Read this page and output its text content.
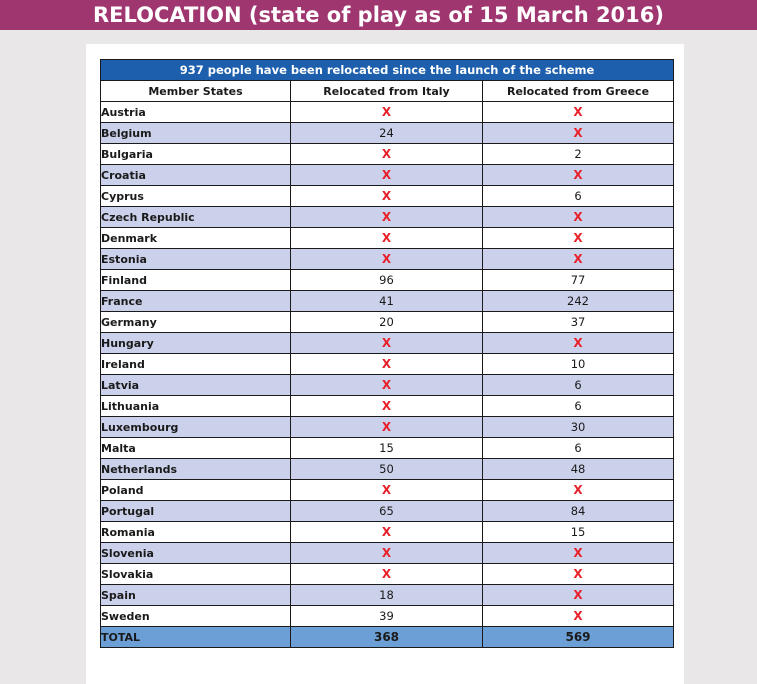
RELOCATION (state of play as of 15 March 2016)
937 people have been relocated since the launch of the scheme		
Member States	Relocated from Italy	Relocated from Greece
Austria	X	X
Belgium	24	X
Bulgaria	X	2
Croatia	X	X
Cyprus	X	6
Czech Republic	X	X
Denmark	X	X
Estonia	X	X
Finland	96	77
France	41	242
Germany	20	37
Hungary	X	X
Ireland	X	10
Latvia	X	6
Lithuania	X	6
Luxembourg	X	30
Malta	15	6
Netherlands	50	48
Poland	X	X
Portugal	65	84
Romania	X	15
Slovenia	X	X
Slovakia	X	X
Spain	18	X
Sweden	39	X
TOTAL	368	569
